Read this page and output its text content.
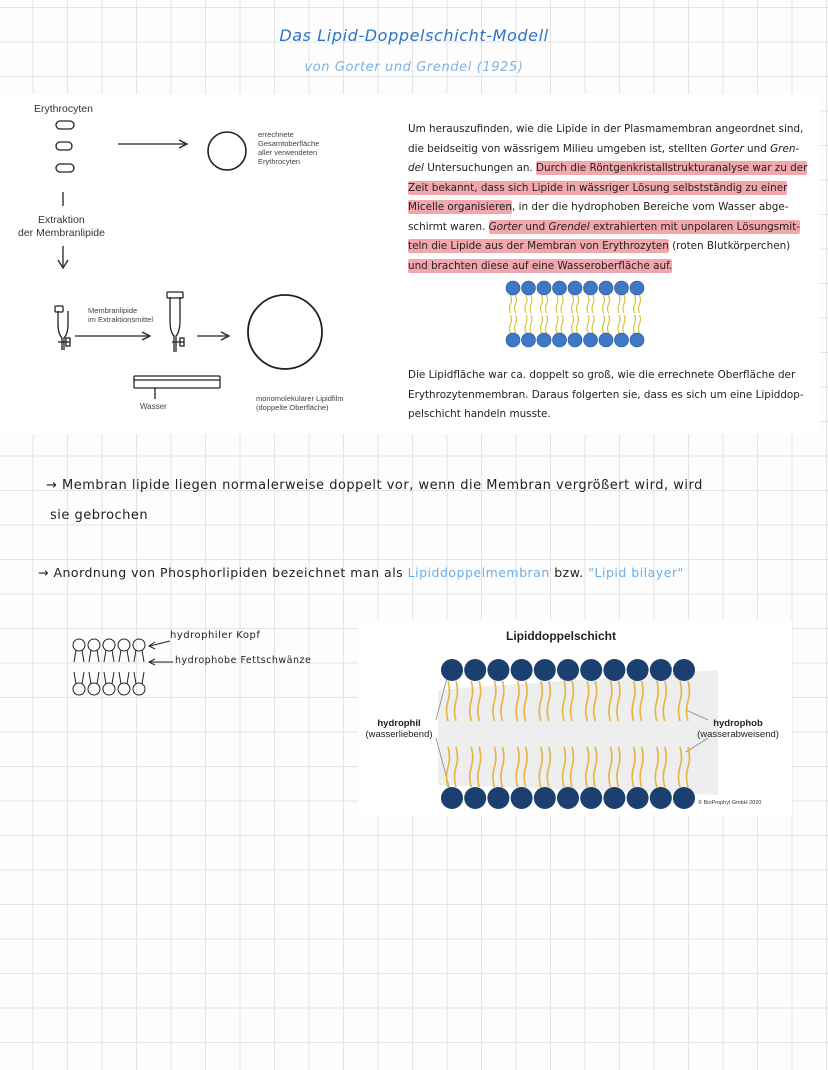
Das Lipid-Doppelschicht-Modell
von Gorter und Grendel (1925)
Erythrocyten
Extraktion
der Membranlipide
errechnete
Gesamtoberfläche
aller verwendeten
Erythrocyten
Membranlipide
im Extraktionsmittel
Wasser
monomolekularer Lipidfilm
(doppelte Oberfläche)
Um herauszufinden, wie die Lipide in der Plasmamembran angeordnet sind,
die beidseitig von wässrigem Milieu umgeben ist, stellten Gorter und Gren-
del Untersuchungen an. Durch die Röntgenkristallstrukturanalyse war zu der
Zeit bekannt, dass sich Lipide in wässriger Lösung selbstständig zu einer
Micelle organisieren, in der die hydrophoben Bereiche vom Wasser abge-
schirmt waren. Gorter und Grendel extrahierten mit unpolaren Lösungsmit-
teln die Lipide aus der Membran von Erythrozyten (roten Blutkörperchen)
und brachten diese auf eine Wasseroberfläche auf.
Die Lipidfläche war ca. doppelt so groß, wie die errechnete Oberfläche der
Erythrozytenmembran. Daraus folgerten sie, dass es sich um eine Lipiddop-
pelschicht handeln musste.
→ Membran lipide liegen normalerweise doppelt vor, wenn die Membran vergrößert wird, wird
sie gebrochen
→ Anordnung von Phosphorlipiden bezeichnet man als Lipiddoppelmembran bzw. "Lipid bilayer"
hydrophiler Kopf
hydrophobe Fettschwänze
Lipiddoppelschicht
hydrophil
(wasserliebend)
hydrophob
(wasserabweisend)
© BioProphyl GmbH 2020
